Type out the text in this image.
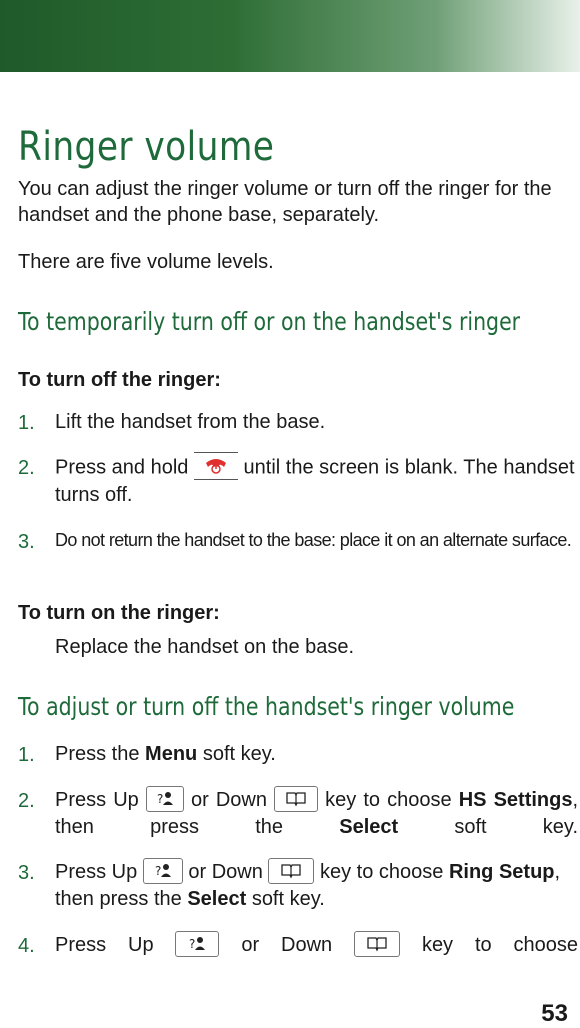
Ringer volume
You can adjust the ringer volume or turn off the ringer for the handset and the phone base, separately.
There are five volume levels.
To temporarily turn off or on the handset's ringer
To turn off the ringer:
1. Lift the handset from the base.
2. Press and hold	until the screen is blank. The handset turns off.
3. Do not return the handset to the base: place it on an alternate surface.
To turn on the ringer:
Replace the handset on the base.
To adjust or turn off the handset's ringer volume
1. Press the Menu soft key.
2. Press Up ? or Down	key to choose HS Settings, then press the	Select	soft key.
3. Press Up ? or Down	key to choose Ring Setup, then press the Select soft key.
4. Press Up	? or Down	key to choose
53
